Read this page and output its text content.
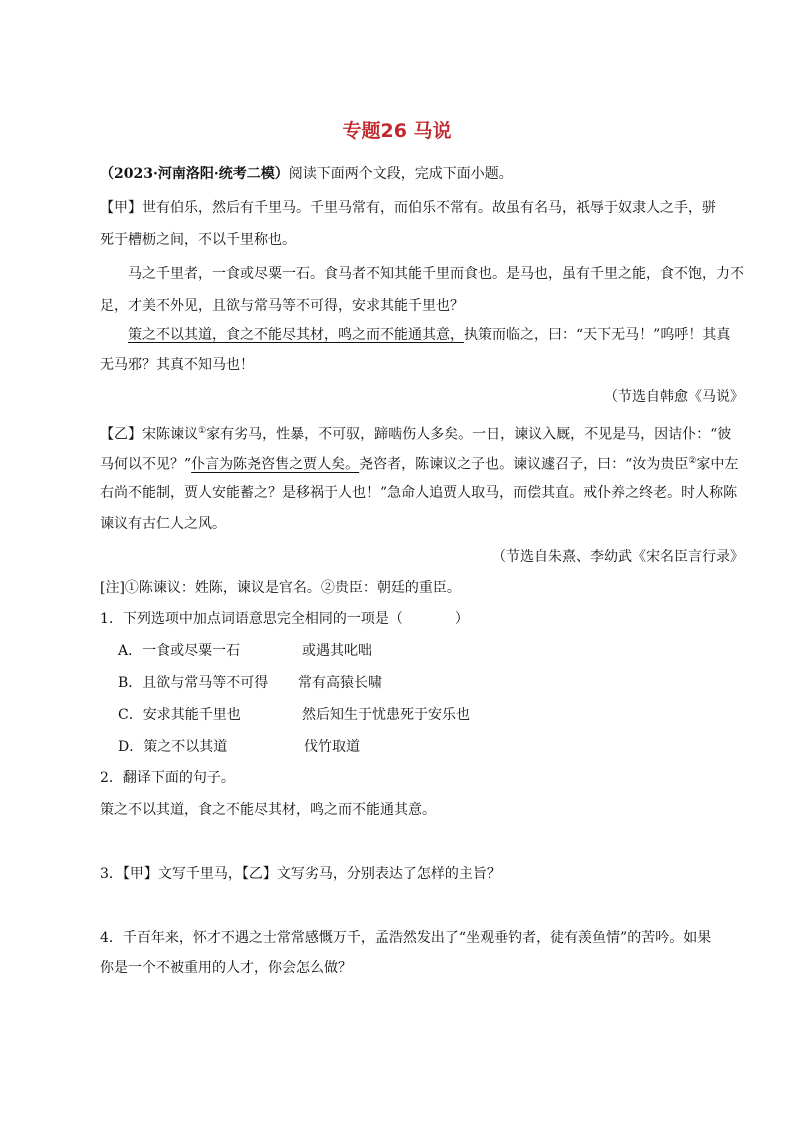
专题26 马说
（2023·河南洛阳·统考二模）阅读下面两个文段，完成下面小题。
【甲】世有伯乐，然后有千里马。千里马常有，而伯乐不常有。故虽有名马，祇辱于奴隶人之手，骈
死于槽枥之间，不以千里称也。
马之千里者，一食或尽粟一石。食马者不知其能千里而食也。是马也，虽有千里之能，食不饱，力不
足，才美不外见，且欲与常马等不可得，安求其能千里也？
策之不以其道，食之不能尽其材，鸣之而不能通其意，执策而临之，曰：“天下无马！”呜呼！其真
无马邪？其真不知马也！
（节选自韩愈《马说》
【乙】宋陈谏议①家有劣马，性暴，不可驭，蹄啮伤人多矣。一日，谏议入厩，不见是马，因诘仆：“彼
马何以不见？”仆言为陈尧咨售之贾人矣。尧咨者，陈谏议之子也。谏议遽召子，曰：“汝为贵臣②家中左
右尚不能制，贾人安能蓄之？是移祸于人也！”急命人追贾人取马，而偿其直。戒仆养之终老。时人称陈
谏议有古仁人之风。
（节选自朱熹、李幼武《宋名臣言行录》
[注]①陈谏议：姓陈，谏议是官名。②贵臣：朝廷的重臣。
1．下列选项中加点词语意思完全相同的一项是（	）
A．一食或尽粟一石	或遇其叱咄
B．且欲与常马等不可得 常有高猿长啸
C．安求其能千里也	然后知生于忧患死于安乐也
D．策之不以其道	伐竹取道
2．翻译下面的句子。
策之不以其道，食之不能尽其材，鸣之而不能通其意。
3．【甲】文写千里马，【乙】文写劣马，分别表达了怎样的主旨？
4．千百年来，怀才不遇之士常常感慨万千，孟浩然发出了“坐观垂钓者，徒有羡鱼情”的苦吟。如果
你是一个不被重用的人才，你会怎么做？
